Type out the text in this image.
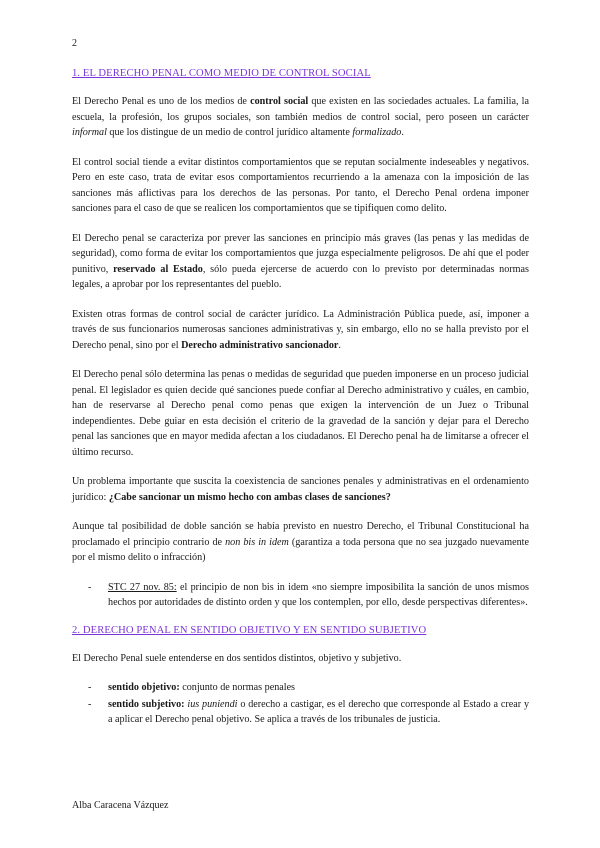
2
1. EL DERECHO PENAL COMO MEDIO DE CONTROL SOCIAL

El Derecho Penal es uno de los medios de control social que existen en las sociedades actuales. La familia, la escuela, la profesión, los grupos sociales, son también medios de control social, pero poseen un carácter informal que los distingue de un medio de control jurídico altamente formalizado.

El control social tiende a evitar distintos comportamientos que se reputan socialmente indeseables y negativos. Pero en este caso, trata de evitar esos comportamientos recurriendo a la amenaza con la imposición de las sanciones más aflictivas para los derechos de las personas. Por tanto, el Derecho Penal ordena imponer sanciones para el caso de que se realicen los comportamientos que se tipifiquen como delito.

El Derecho penal se caracteriza por prever las sanciones en principio más graves (las penas y las medidas de seguridad), como forma de evitar los comportamientos que juzga especialmente peligrosos. De ahí que el poder punitivo, reservado al Estado, sólo pueda ejercerse de acuerdo con lo previsto por determinadas normas legales, a aprobar por los representantes del pueblo.

Existen otras formas de control social de carácter jurídico. La Administración Pública puede, así, imponer a través de sus funcionarios numerosas sanciones administrativas y, sin embargo, ello no se halla previsto por el Derecho penal, sino por el Derecho administrativo sancionador.

El Derecho penal sólo determina las penas o medidas de seguridad que pueden imponerse en un proceso judicial penal. El legislador es quien decide qué sanciones puede confiar al Derecho administrativo y cuáles, en cambio, han de reservarse al Derecho penal como penas que exigen la intervención de un Juez o Tribunal independientes. Debe guiar en esta decisión el criterio de la gravedad de la sanción y dejar para el Derecho penal las sanciones que en mayor medida afectan a los ciudadanos. El Derecho penal ha de limitarse a ofrecer el último recurso.

Un problema importante que suscita la coexistencia de sanciones penales y administrativas en el ordenamiento jurídico: ¿Cabe sancionar un mismo hecho con ambas clases de sanciones?

Aunque tal posibilidad de doble sanción se había previsto en nuestro Derecho, el Tribunal Constitucional ha proclamado el principio contrario de non bis in idem (garantiza a toda persona que no sea juzgado nuevamente por el mismo delito o infracción)

- STC 27 nov. 85: el principio de non bis in idem «no siempre imposibilita la sanción de unos mismos hechos por autoridades de distinto orden y que los contemplen, por ello, desde perspectivas diferentes».
2. DERECHO PENAL EN SENTIDO OBJETIVO Y EN SENTIDO SUBJETIVO

El Derecho Penal suele entenderse en dos sentidos distintos, objetivo y subjetivo.

- sentido objetivo: conjunto de normas penales
- sentido subjetivo: ius puniendi o derecho a castigar, es el derecho que corresponde al Estado a crear y a aplicar el Derecho penal objetivo. Se aplica a través de los tribunales de justicia.
Alba Caracena Vázquez
